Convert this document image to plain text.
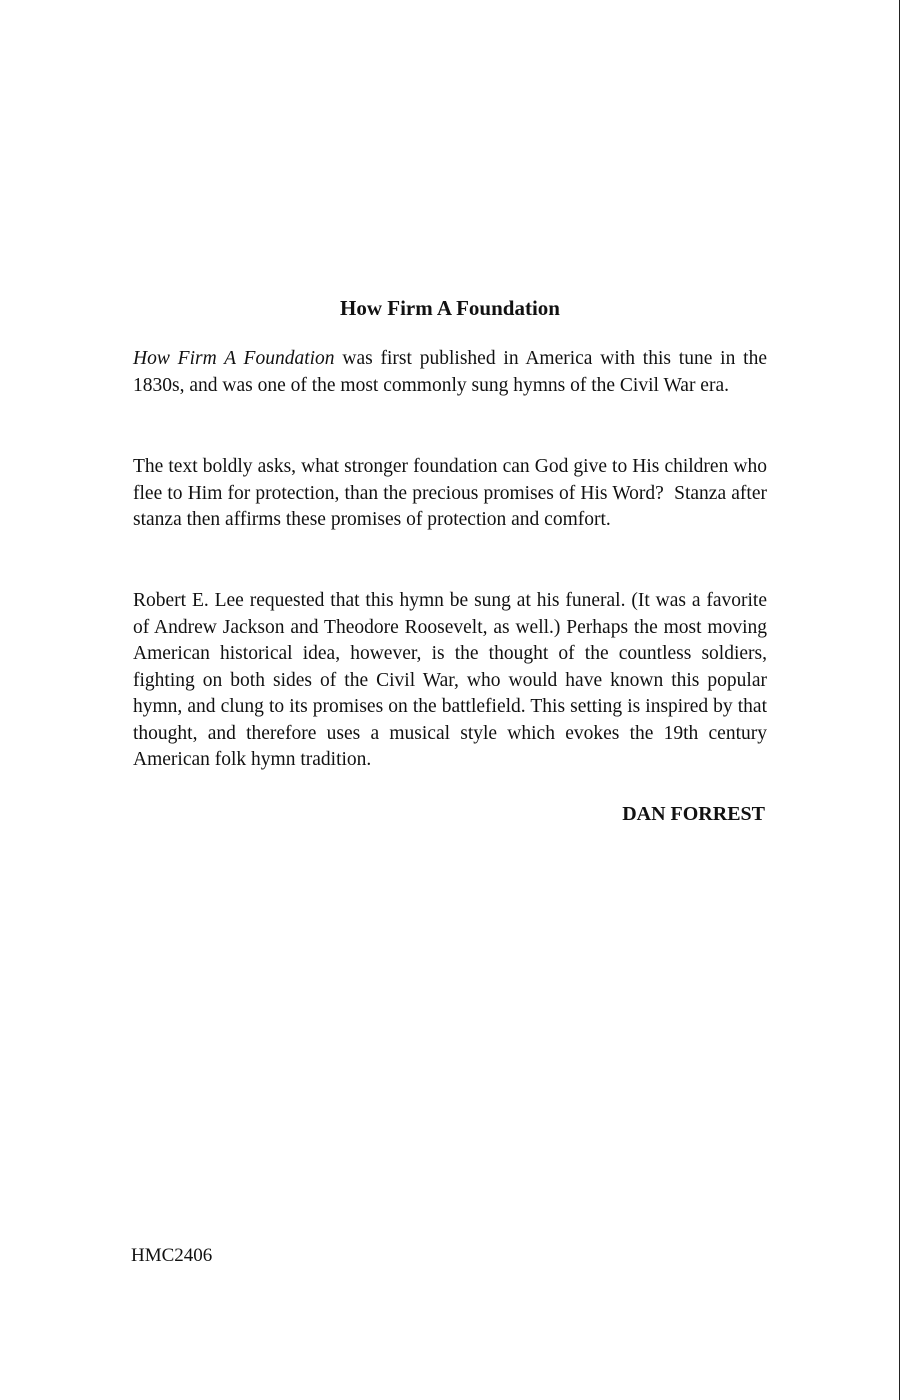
How Firm A Foundation

How Firm A Foundation was first published in America with this tune in the 1830s, and was one of the most commonly sung hymns of the Civil War era.

The text boldly asks, what stronger foundation can God give to His children who flee to Him for protection, than the precious promises of His Word?  Stanza after stanza then affirms these promises of protection and comfort.

Robert E. Lee requested that this hymn be sung at his funeral. (It was a favorite of Andrew Jackson and Theodore Roosevelt, as well.) Perhaps the most moving American historical idea, however, is the thought of the countless soldiers, fighting on both sides of the Civil War, who would have known this popular hymn, and clung to its promises on the battlefield. This setting is inspired by that thought, and therefore uses a musical style which evokes the 19th century American folk hymn tradition.

DAN FORREST
HMC2406
